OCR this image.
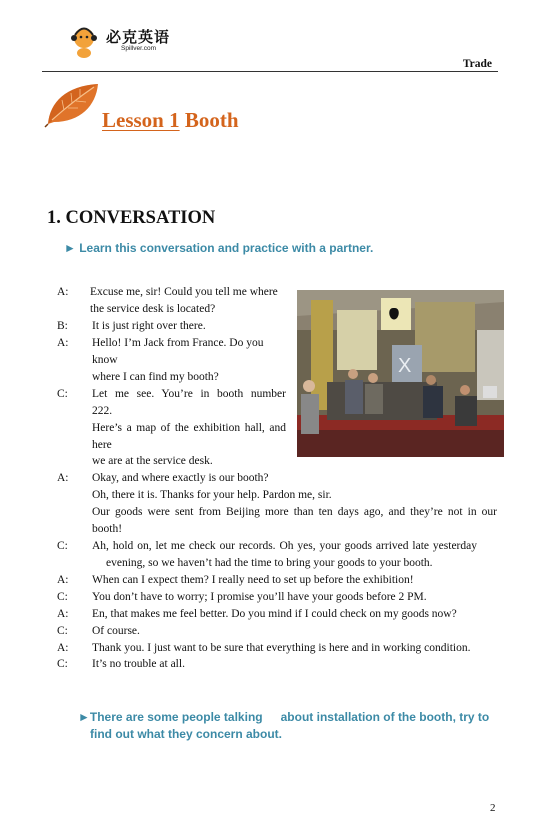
必克英语
Spillver.com
Trade
Lesson 1 Booth
1. CONVERSATION
► Learn this conversation and practice with a partner.
X
A:
B:
A:
C:
A:
C:
A:
C:
A:
C:
A:
C:
Excuse me, sir! Could you tell me where
the service desk is located?
It is just right over there.
Hello! I’m Jack from France. Do you
know
where I can find my booth?
Let me see. You’re in booth number
222.
Here’s a map of the exhibition hall, and
here
we are at the service desk.
Okay, and where exactly is our booth?
Oh, there it is. Thanks for your help. Pardon me, sir.
Our goods were sent from Beijing more than ten days ago, and they’re not in our
booth!
Ah, hold on, let me check our records. Oh yes, your goods arrived late yesterday
evening, so we haven’t had the time to bring your goods to your booth.
When can I expect them? I really need to set up before the exhibition!
You don’t have to worry; I promise you’ll have your goods before 2 PM.
En, that makes me feel better. Do you mind if I could check on my goods now?
Of course.
Thank you. I just want to be sure that everything is here and in working condition.
It’s no trouble at all.
►There are some people talking about installation of the booth, try to
find out what they concern about.
2
